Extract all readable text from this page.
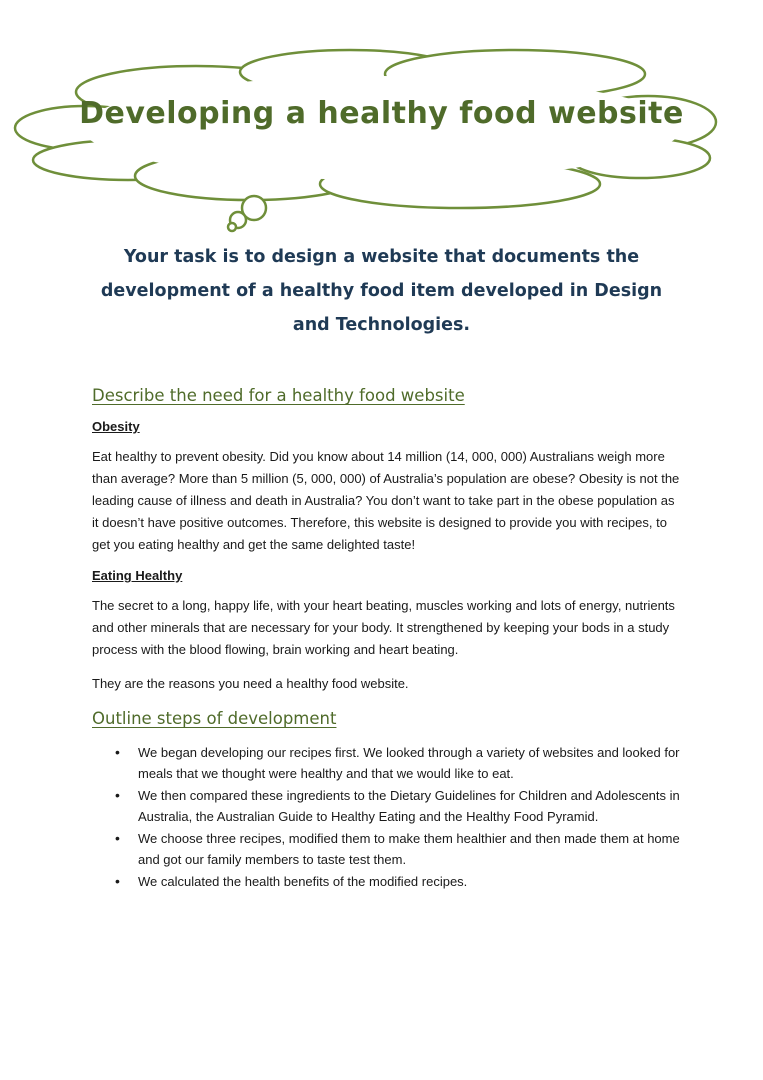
Developing a healthy food website
Your task is to design a website that documents the development of a healthy food item developed in Design and Technologies.
Describe the need for a healthy food website
Obesity

Eat healthy to prevent obesity. Did you know about 14 million (14, 000, 000) Australians weigh more than average? More than 5 million (5, 000, 000) of Australia’s population are obese? Obesity is not the leading cause of illness and death in Australia? You don’t want to take part in the obese population as it doesn’t have positive outcomes. Therefore, this website is designed to provide you with recipes, to get you eating healthy and get the same delighted taste!

Eating Healthy

The secret to a long, happy life, with your heart beating, muscles working and lots of energy, nutrients and other minerals that are necessary for your body. It strengthened by keeping your bods in a study process with the blood flowing, brain working and heart beating.

They are the reasons you need a healthy food website.

Outline steps of development
• We began developing our recipes first. We looked through a variety of websites and looked for meals that we thought were healthy and that we would like to eat.
• We then compared these ingredients to the Dietary Guidelines for Children and Adolescents in Australia, the Australian Guide to Healthy Eating and the Healthy Food Pyramid.
• We choose three recipes, modified them to make them healthier and then made them at home and got our family members to taste test them.
• We calculated the health benefits of the modified recipes.
